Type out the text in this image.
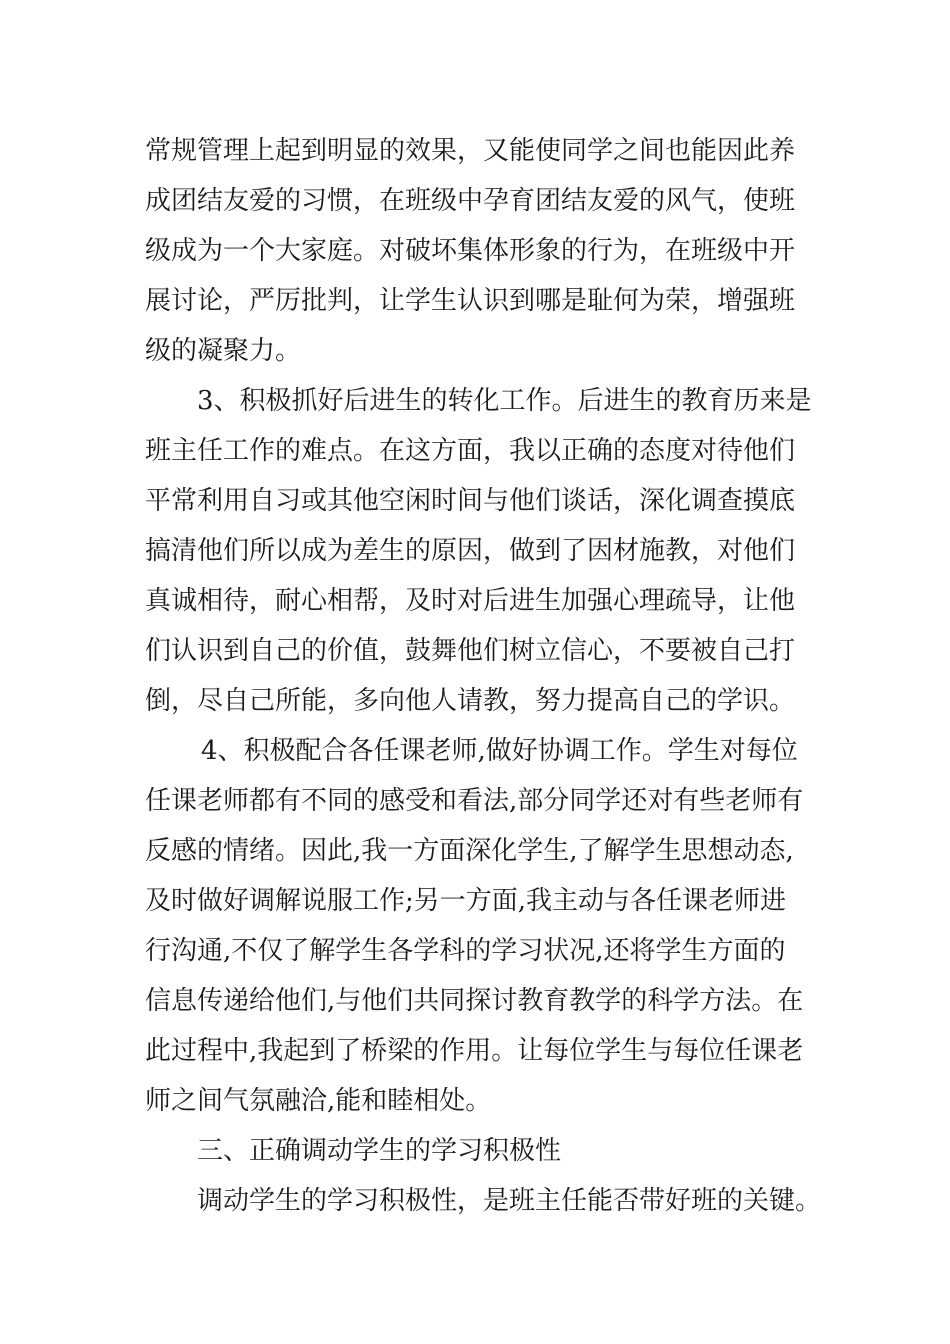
常规管理上起到明显的效果，又能使同学之间也能因此养
成团结友爱的习惯，在班级中孕育团结友爱的风气，使班
级成为一个大家庭。对破坏集体形象的行为，在班级中开
展讨论，严厉批判，让学生认识到哪是耻何为荣，增强班
级的凝聚力。
3、积极抓好后进生的转化工作。后进生的教育历来是
班主任工作的难点。在这方面，我以正确的态度对待他们
平常利用自习或其他空闲时间与他们谈话，深化调查摸底
搞清他们所以成为差生的原因，做到了因材施教，对他们
真诚相待，耐心相帮，及时对后进生加强心理疏导，让他
们认识到自己的价值，鼓舞他们树立信心，不要被自己打
倒，尽自己所能，多向他人请教，努力提高自己的学识。
4、积极配合各任课老师,做好协调工作。学生对每位
任课老师都有不同的感受和看法,部分同学还对有些老师有
反感的情绪。因此,我一方面深化学生,了解学生思想动态,
及时做好调解说服工作;另一方面,我主动与各任课老师进
行沟通,不仅了解学生各学科的学习状况,还将学生方面的
信息传递给他们,与他们共同探讨教育教学的科学方法。在
此过程中,我起到了桥梁的作用。让每位学生与每位任课老
师之间气氛融洽,能和睦相处。
三、正确调动学生的学习积极性
调动学生的学习积极性，是班主任能否带好班的关键。
